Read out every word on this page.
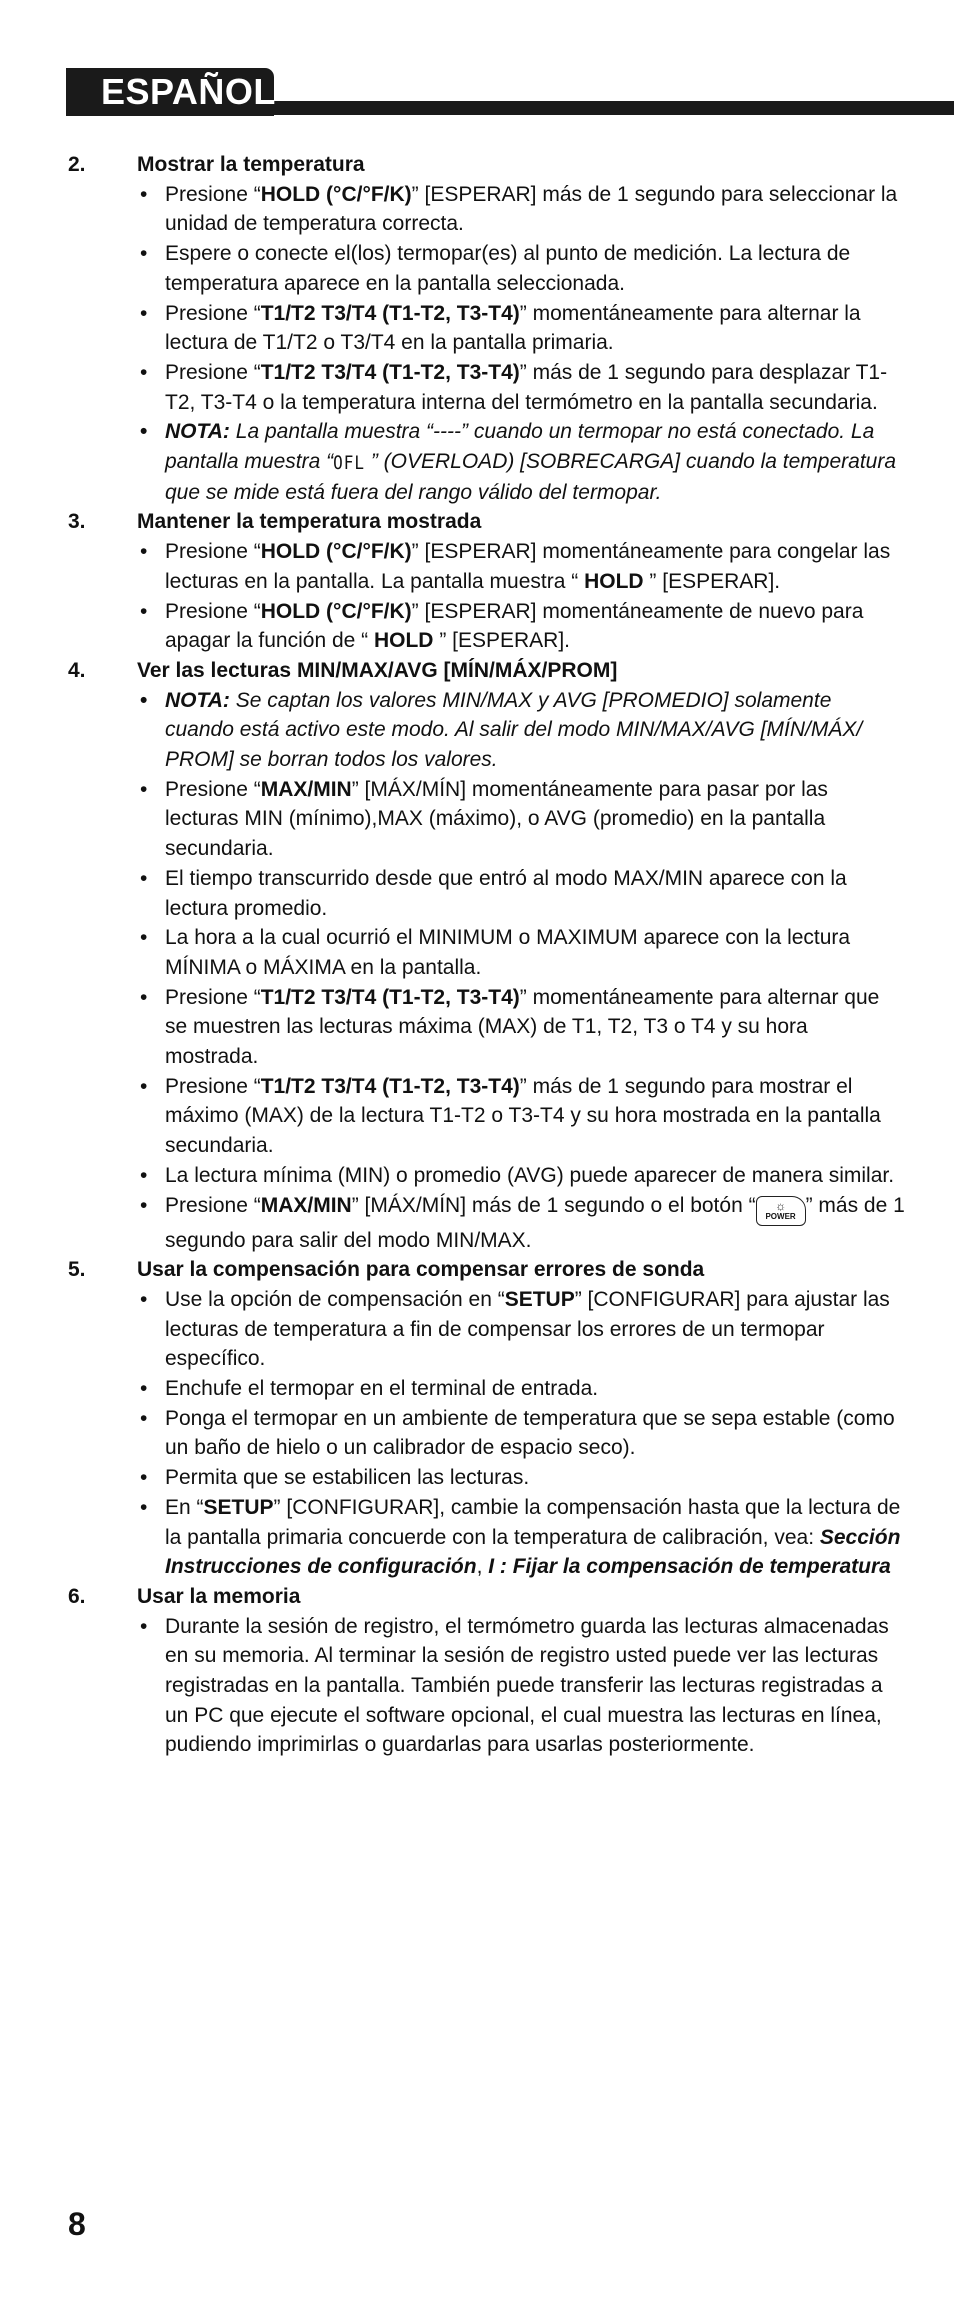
ESPAÑOL
2. Mostrar la temperatura
• Presione “HOLD (°C/°F/K)” [ESPERAR] más de 1 segundo para seleccionar la unidad de temperatura correcta.
• Espere o conecte el(los) termopar(es) al punto de medición. La lectura de temperatura aparece en la pantalla seleccionada.
• Presione “T1/T2 T3/T4 (T1-T2, T3-T4)” momentáneamente para alternar la lectura de T1/T2 o T3/T4 en la pantalla primaria.
• Presione “T1/T2 T3/T4 (T1-T2, T3-T4)” más de 1 segundo para desplazar T1-T2, T3-T4 o la temperatura interna del termómetro en la pantalla secundaria.
• NOTA: La pantalla muestra “----” cuando un termopar no está conectado. La pantalla muestra “OFL ” (OVERLOAD) [SOBRECARGA] cuando la temperatura que se mide está fuera del rango válido del termopar.
3. Mantener la temperatura mostrada
• Presione “HOLD (°C/°F/K)” [ESPERAR] momentáneamente para congelar las lecturas en la pantalla. La pantalla muestra “ HOLD ” [ESPERAR].
• Presione “HOLD (°C/°F/K)” [ESPERAR] momentáneamente de nuevo para apagar la función de “ HOLD ” [ESPERAR].
4. Ver las lecturas MIN/MAX/AVG [MÍN/MÁX/PROM]
• NOTA: Se captan los valores MIN/MAX y AVG [PROMEDIO] solamente cuando está activo este modo. Al salir del modo MIN/MAX/AVG [MÍN/MÁX/ PROM] se borran todos los valores.
• Presione “MAX/MIN” [MÁX/MÍN] momentáneamente para pasar por las lecturas MIN (mínimo),MAX (máximo), o AVG (promedio) en la pantalla secundaria.
• El tiempo transcurrido desde que entró al modo MAX/MIN aparece con la lectura promedio.
• La hora a la cual ocurrió el MINIMUM o MAXIMUM aparece con la lectura MÍNIMA o MÁXIMA en la pantalla.
• Presione “T1/T2 T3/T4 (T1-T2, T3-T4)” momentáneamente para alternar que se muestren las lecturas máxima (MAX) de T1, T2, T3 o T4 y su hora mostrada.
• Presione “T1/T2 T3/T4 (T1-T2, T3-T4)” más de 1 segundo para mostrar el máximo (MAX) de la lectura T1-T2 o T3-T4 y su hora mostrada en la pantalla secundaria.
• La lectura mínima (MIN) o promedio (AVG) puede aparecer de manera similar.
• Presione “MAX/MIN” [MÁX/MÍN] más de 1 segundo o el botón “	☼
POWER ” más de 1 segundo para salir del modo MIN/MAX.
5. Usar la compensación para compensar errores de sonda
• Use la opción de compensación en “SETUP” [CONFIGURAR] para ajustar las lecturas de temperatura a fin de compensar los errores de un termopar específico.
• Enchufe el termopar en el terminal de entrada.
• Ponga el termopar en un ambiente de temperatura que se sepa estable (como un baño de hielo o un calibrador de espacio seco).
• Permita que se estabilicen las lecturas.
• En “SETUP” [CONFIGURAR], cambie la compensación hasta que la lectura de la pantalla primaria concuerde con la temperatura de calibración, vea: Sección Instrucciones de configuración, I : Fijar la compensación de temperatura
6. Usar la memoria
• Durante la sesión de registro, el termómetro guarda las lecturas almacenadas en su memoria. Al terminar la sesión de registro usted puede ver las lecturas registradas en la pantalla. También puede transferir las lecturas registradas a un PC que ejecute el software opcional, el cual muestra las lecturas en línea, pudiendo imprimirlas o guardarlas para usarlas posteriormente.
8
